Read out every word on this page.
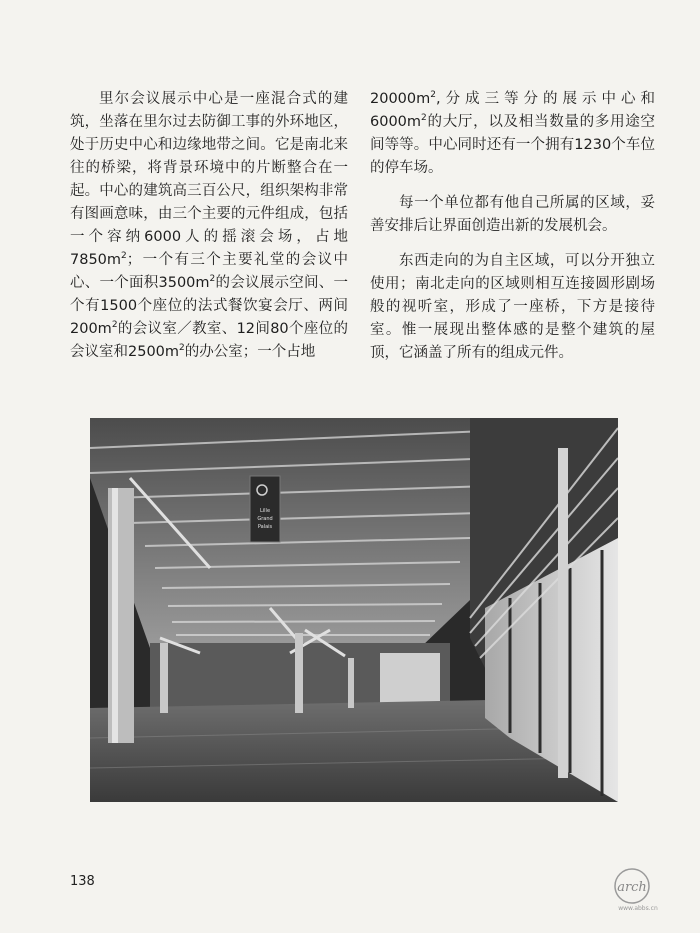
里尔会议展示中心是一座混合式的建筑，坐落在里尔过去防御工事的外环地区，处于历史中心和边缘地带之间。它是南北来往的桥梁，将背景环境中的片断整合在一起。中心的建筑高三百公尺，组织架构非常有图画意味，由三个主要的元件组成，包括一个容纳6000人的摇滚会场，占地$7850m^2$；一个有三个主要礼堂的会议中心、一个面积$3500m^2$的会议展示空间、一个有1500个座位的法式餐饮宴会厅、两间$200m^2$的会议室／教室、12间80个座位的会议室和$2500m^2$的办公室；一个占地

$20000m^2$,分成三等分的展示中心和$6000m^2$的大厅，以及相当数量的多用途空间等等。中心同时还有一个拥有1230个车位的停车场。

每一个单位都有他自己所属的区域，妥善安排后让界面创造出新的发展机会。

东西走向的为自主区域，可以分开独立使用；南北走向的区域则相互连接圆形剧场般的视听室，形成了一座桥，下方是接待室。惟一展现出整体感的是整个建筑的屋顶，它涵盖了所有的组成元件。

Lille
Grand
Palais
138	arch
www.abbs.cn
